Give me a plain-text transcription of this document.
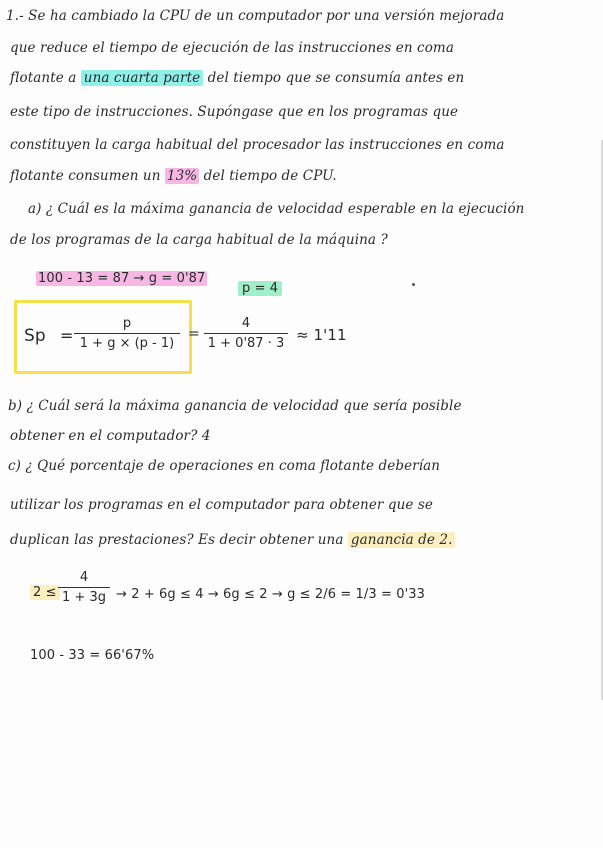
1.- Se ha cambiado la CPU de un computador por una versión mejorada
que reduce el tiempo de ejecución de las instrucciones en coma
flotante a una cuarta parte del tiempo que se consumía antes en
este tipo de instrucciones. Supóngase que en los programas que
constituyen la carga habitual del procesador las instrucciones en coma
flotante consumen un 13% del tiempo de CPU.
a) ¿ Cuál es la máxima ganancia de velocidad esperable en la ejecución
de los programas de la carga habitual de la máquina ?
100 - 13 = 87 → g = 0'87
p = 4
Sp =
p
1 + g × (p - 1)
=
4
1 + 0'87 · 3 ≈ 1'11
b) ¿ Cuál será la máxima ganancia de velocidad que sería posible
obtener en el computador? 4
c) ¿ Qué porcentaje de operaciones en coma flotante deberían
utilizar los programas en el computador para obtener que se
duplican las prestaciones? Es decir obtener una ganancia de 2.
2 ≤
4
1 + 3g → 2 + 6g ≤ 4 → 6g ≤ 2 → g ≤ 2/6 = 1/3 = 0'33
100 - 33 = 66'67%
